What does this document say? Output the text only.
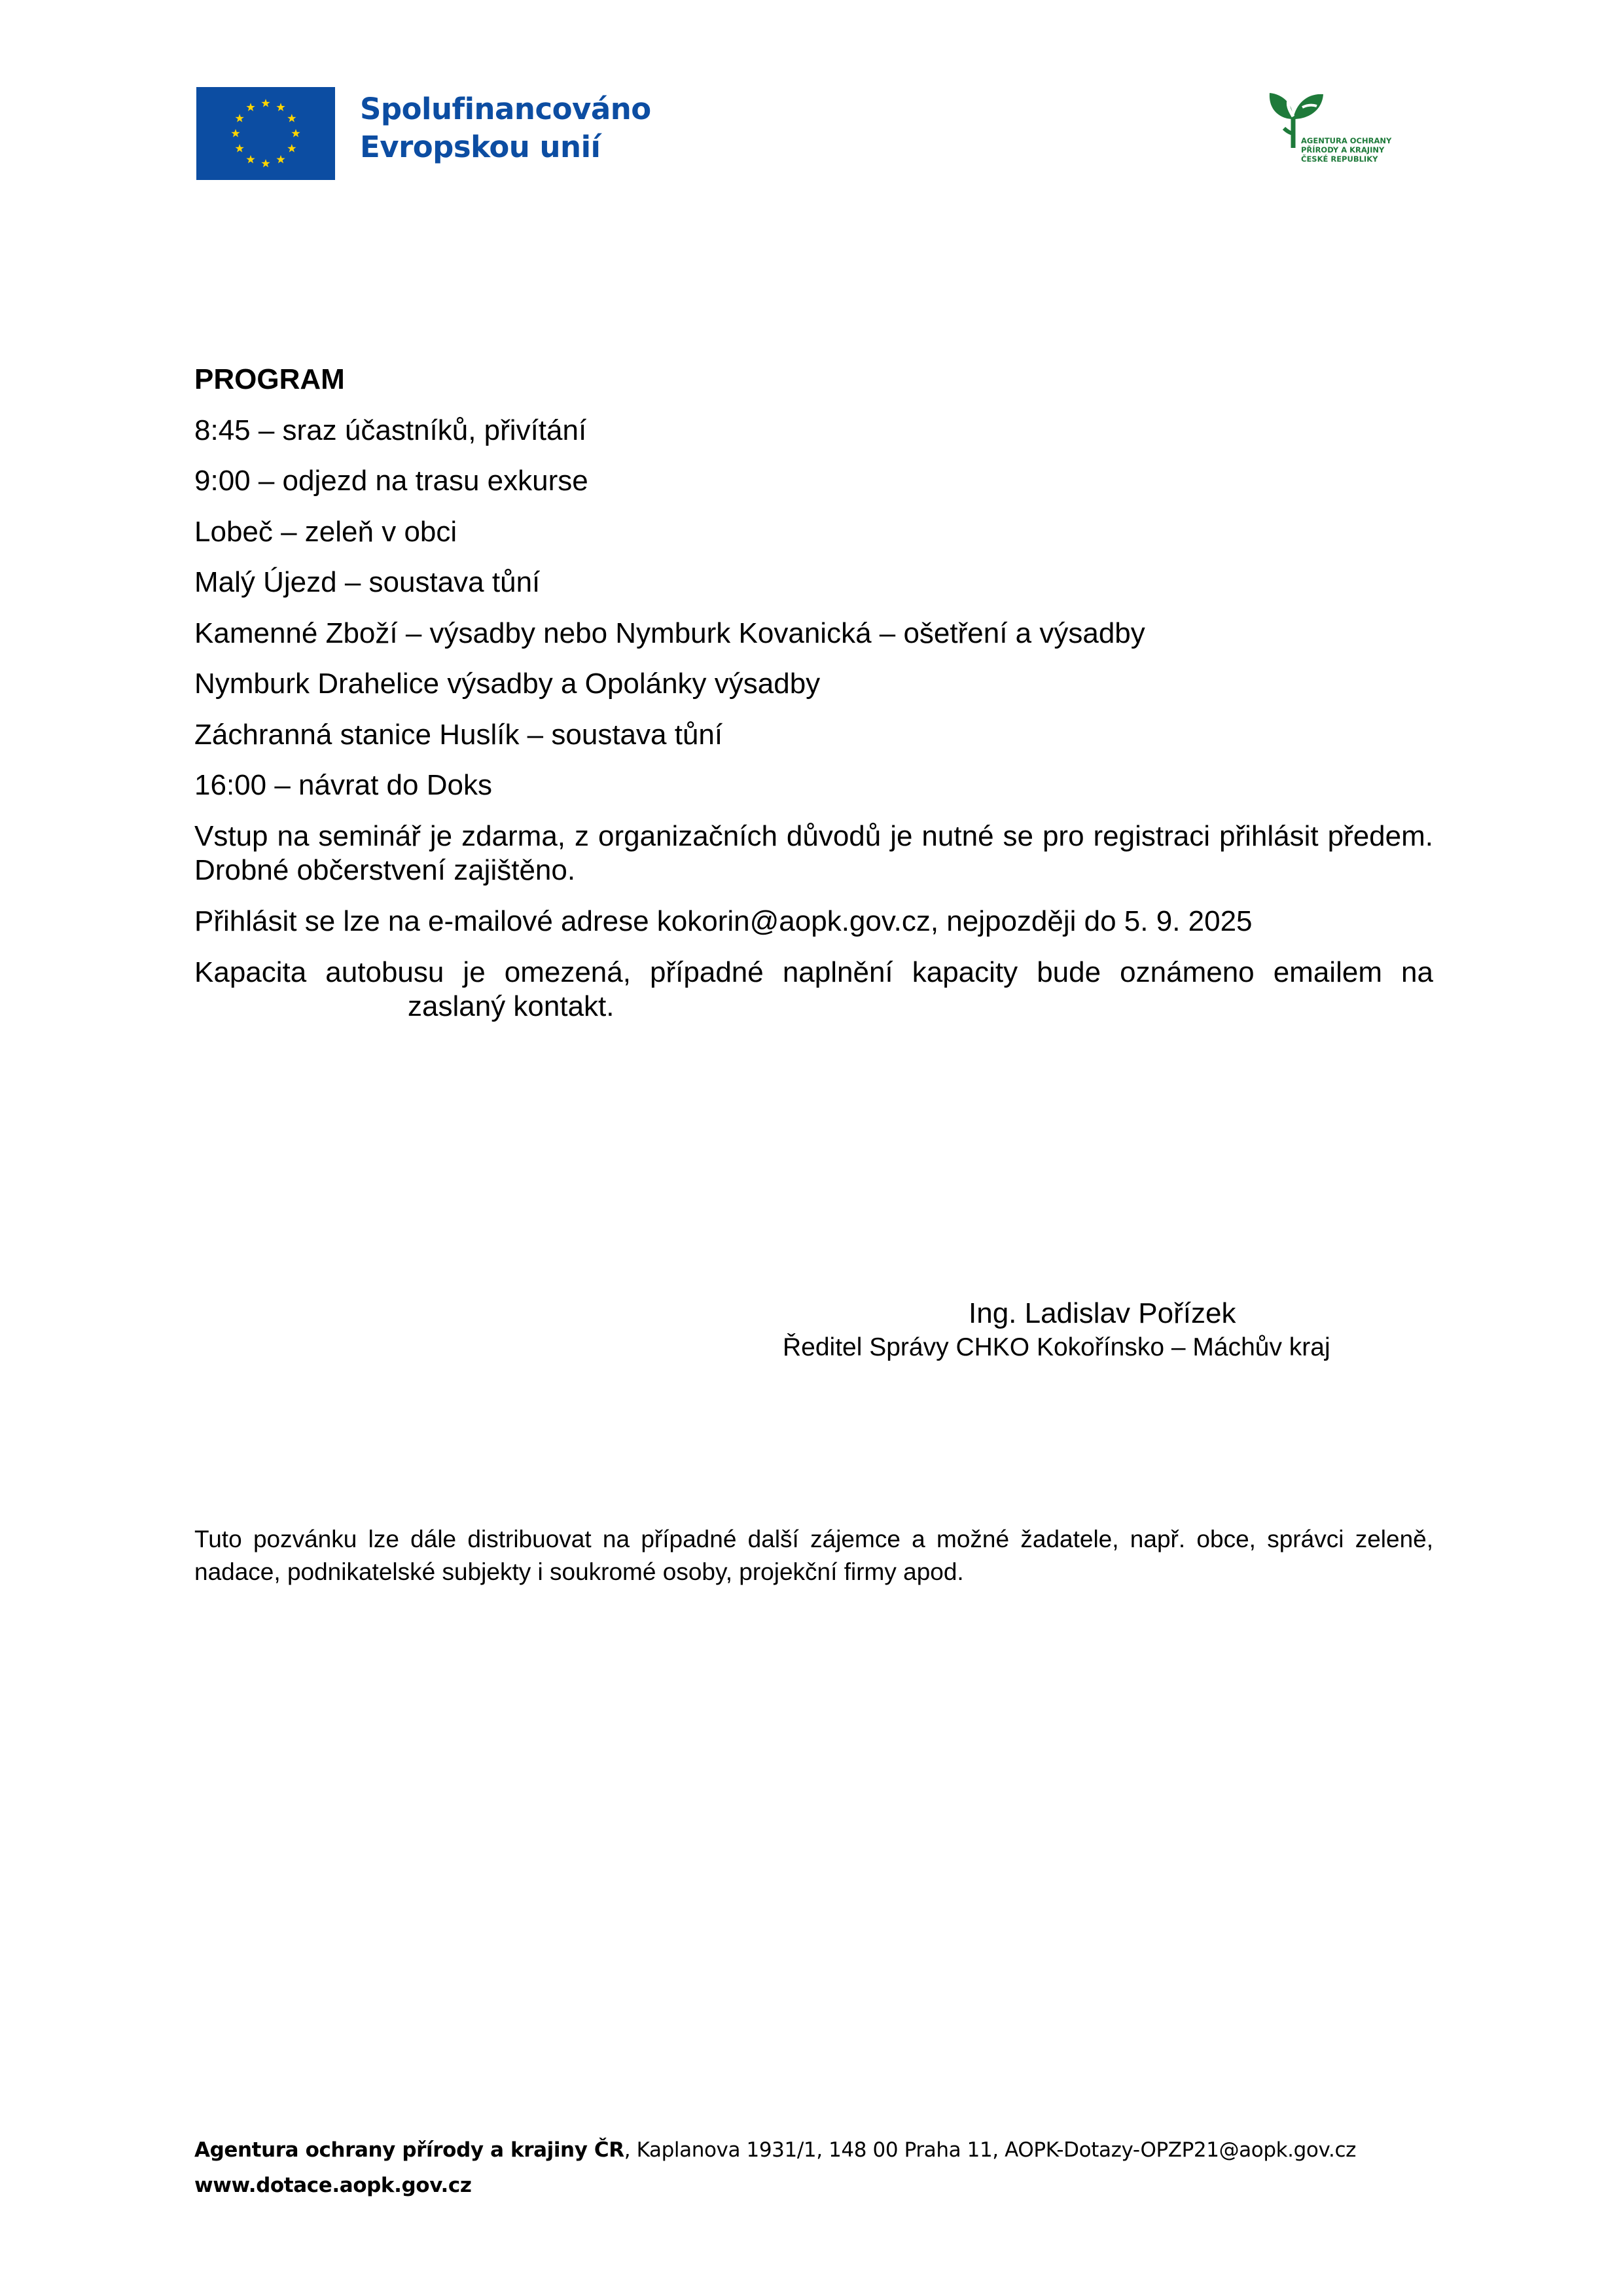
Spolufinancováno
Evropskou unií	AGENTURA OCHRANY
PŘÍRODY A KRAJINY
ČESKÉ REPUBLIKY
PROGRAM
8:45 – sraz účastníků, přivítání
9:00 – odjezd na trasu exkurse
Lobeč – zeleň v obci
Malý Újezd – soustava tůní
Kamenné Zboží – výsadby nebo Nymburk Kovanická – ošetření a výsadby
Nymburk Drahelice výsadby a Opolánky výsadby
Záchranná stanice Huslík – soustava tůní
16:00 – návrat do Doks
Vstup na seminář je zdarma, z organizačních důvodů je nutné se pro registraci přihlásit předem. Drobné občerstvení zajištěno.
Přihlásit se lze na e-mailové adrese kokorin@aopk.gov.cz, nejpozději do 5. 9. 2025
Kapacita autobusu je omezená, případné naplnění kapacity bude oznámeno emailem na
zaslaný kontakt.
Ing. Ladislav Pořízek
Ředitel Správy CHKO Kokořínsko – Máchův kraj
Tuto pozvánku lze dále distribuovat na případné další zájemce a možné žadatele, např. obce, správci zeleně, nadace, podnikatelské subjekty i soukromé osoby, projekční firmy apod.
Agentura ochrany přírody a krajiny ČR, Kaplanova 1931/1, 148 00 Praha 11, AOPK-Dotazy-OPZP21@aopk.gov.cz
www.dotace.aopk.gov.cz
